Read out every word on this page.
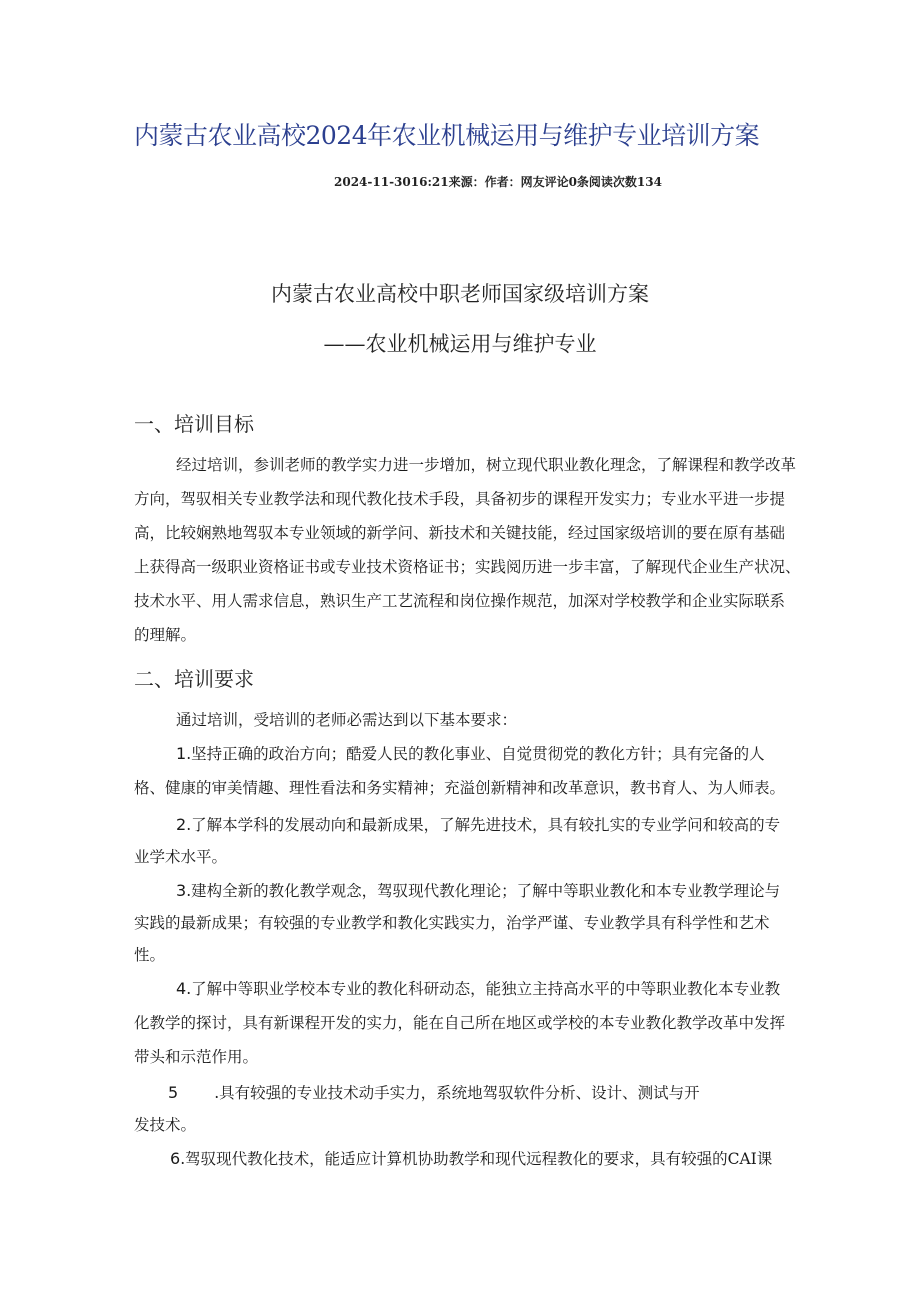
内蒙古农业高校2024年农业机械运用与维护专业培训方案
2024-11-3016:21来源：作者：网友评论0条阅读次数134
内蒙古农业高校中职老师国家级培训方案
——农业机械运用与维护专业
一、培训目标
经过培训，参训老师的教学实力进一步增加，树立现代职业教化理念，了解课程和教学改革
方向，驾驭相关专业教学法和现代教化技术手段，具备初步的课程开发实力；专业水平进一步提
高，比较娴熟地驾驭本专业领域的新学问、新技术和关键技能，经过国家级培训的要在原有基础
上获得高一级职业资格证书或专业技术资格证书；实践阅历进一步丰富，了解现代企业生产状况、
技术水平、用人需求信息，熟识生产工艺流程和岗位操作规范，加深对学校教学和企业实际联系
的理解。
二、培训要求
通过培训，受培训的老师必需达到以下基本要求：
1.坚持正确的政治方向；酷爱人民的教化事业、自觉贯彻党的教化方针；具有完备的人
格、健康的审美情趣、理性看法和务实精神；充溢创新精神和改革意识，教书育人、为人师表。
2.了解本学科的发展动向和最新成果，了解先进技术，具有较扎实的专业学问和较高的专
业学术水平。
3.建构全新的教化教学观念，驾驭现代教化理论；了解中等职业教化和本专业教学理论与
实践的最新成果；有较强的专业教学和教化实践实力，治学严谨、专业教学具有科学性和艺术
性。
4.了解中等职业学校本专业的教化科研动态，能独立主持高水平的中等职业教化本专业教
化教学的探讨，具有新课程开发的实力，能在自己所在地区或学校的本专业教化教学改革中发挥
带头和示范作用。
5 .具有较强的专业技术动手实力，系统地驾驭软件分析、设计、测试与开
发技术。
6.驾驭现代教化技术，能适应计算机协助教学和现代远程教化的要求，具有较强的CAI课
